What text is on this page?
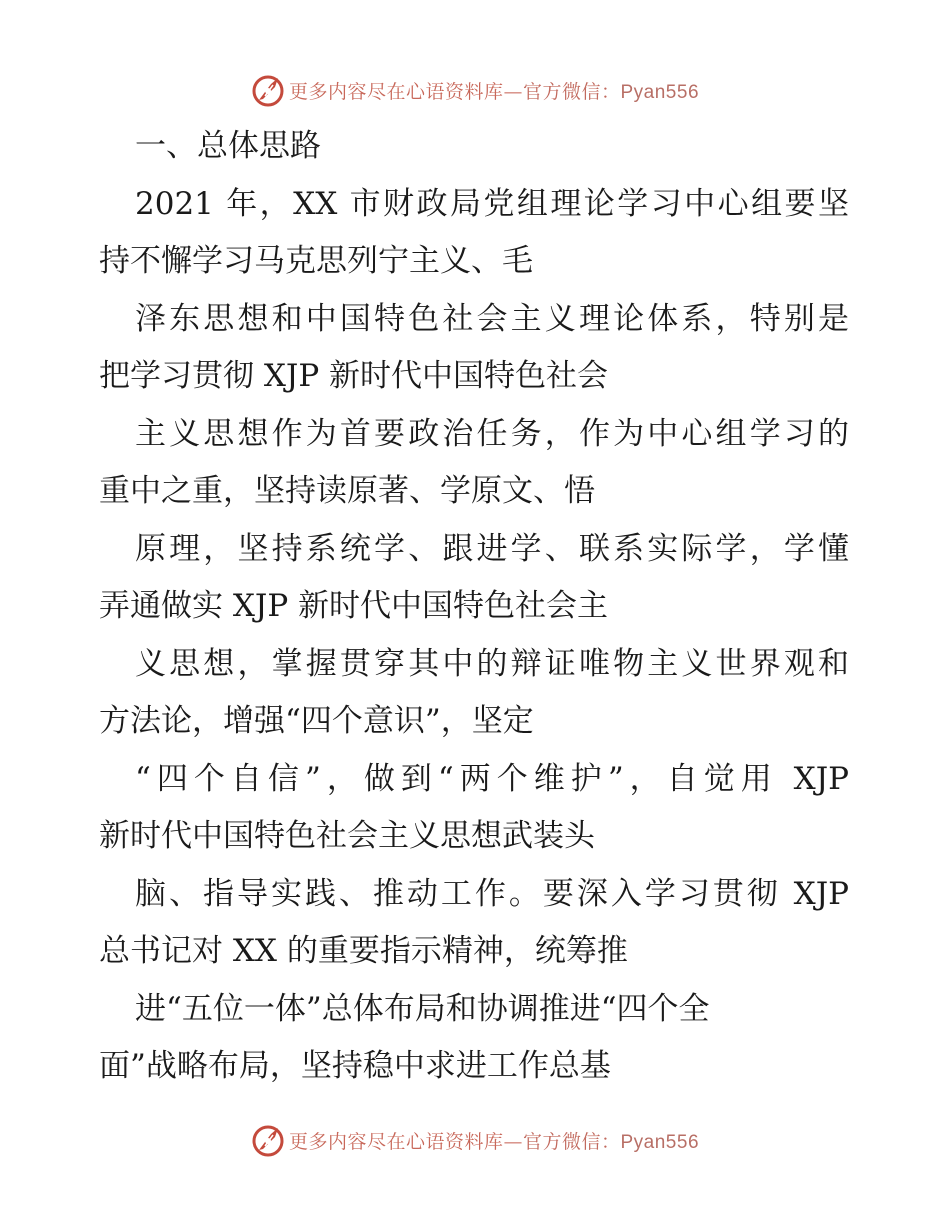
更多内容尽在心语资料库—官方微信：Pyan556
一、总体思路
2021 年，XX 市财政局党组理论学习中心组要坚
持不懈学习马克思列宁主义、毛
泽东思想和中国特色社会主义理论体系，特别是
把学习贯彻 XJP 新时代中国特色社会
主义思想作为首要政治任务，作为中心组学习的
重中之重，坚持读原著、学原文、悟
原理，坚持系统学、跟进学、联系实际学，学懂
弄通做实 XJP 新时代中国特色社会主
义思想，掌握贯穿其中的辩证唯物主义世界观和
方法论，增强“四个意识”，坚定
“四个自信”，做到“两个维护”，自觉用 XJP
新时代中国特色社会主义思想武装头
脑、指导实践、推动工作。要深入学习贯彻 XJP
总书记对 XX 的重要指示精神，统筹推
进“五位一体”总体布局和协调推进“四个全
面”战略布局，坚持稳中求进工作总基
更多内容尽在心语资料库—官方微信：Pyan556
